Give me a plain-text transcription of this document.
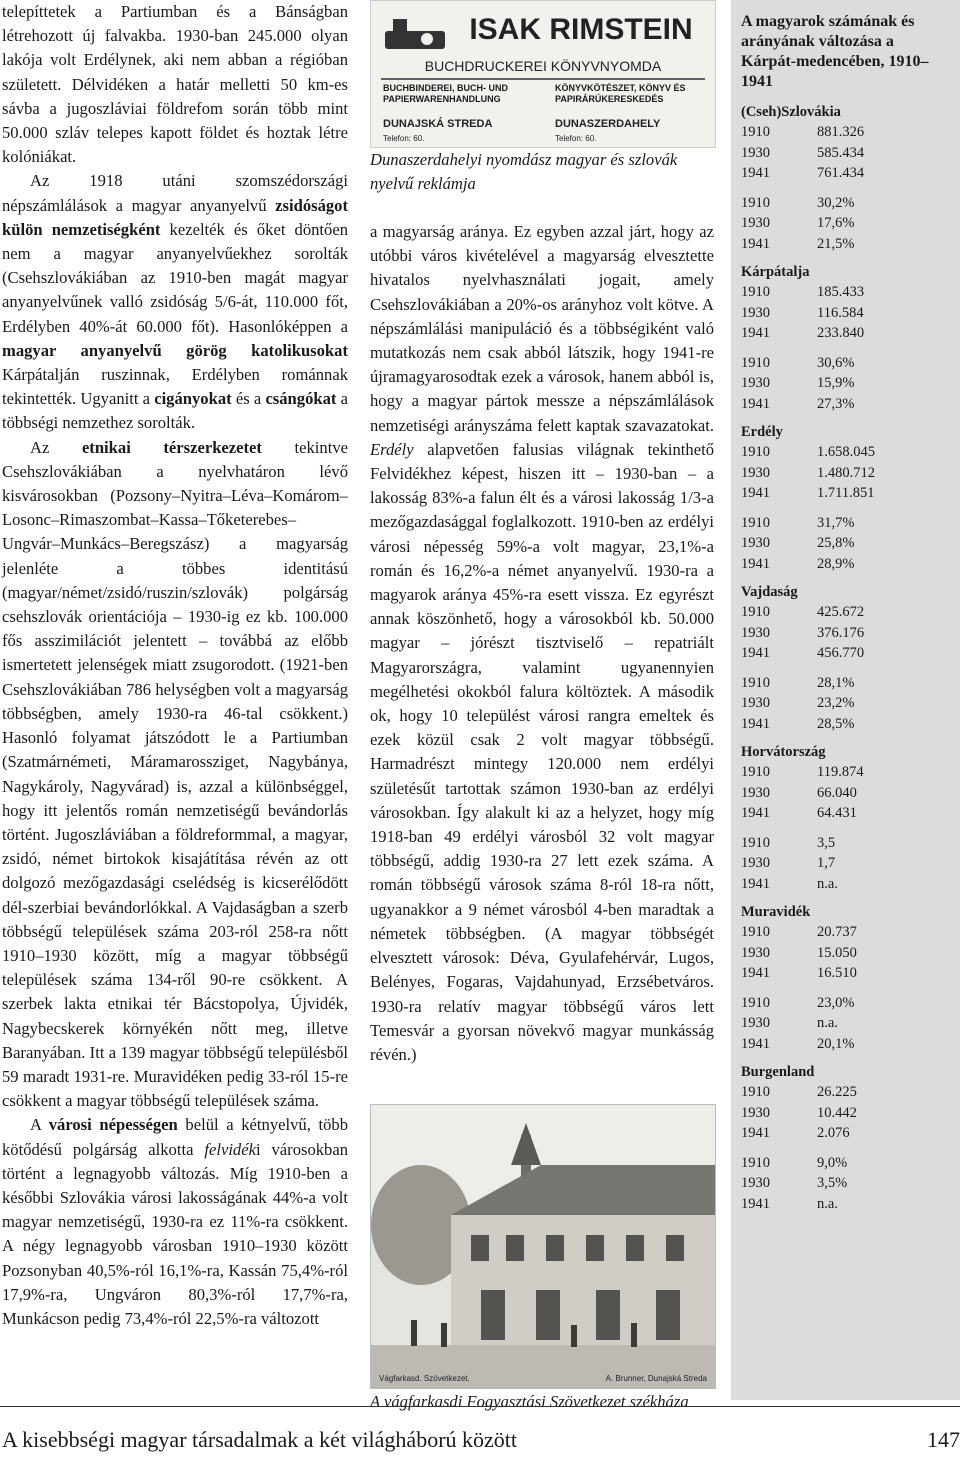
telepíttetek a Partiumban és a Bánságban létrehozott új falvakba. 1930-ban 245.000 olyan lakója volt Erdélynek, aki nem abban a régióban született. Délvidéken a határ melletti 50 km-es sávba a jugoszláviai földrefom során több mint 50.000 szláv telepes kapott földet és hoztak létre kolóniákat.

Az 1918 utáni szomszédországi népszámlálások a magyar anyanyelvű zsidóságot külön nemzetiségként kezelték és őket döntően nem a magyar anyanyelvűekhez sorolták (Csehszlovákiában az 1910-ben magát magyar anyanyelvűnek valló zsidóság 5/6-át, 110.000 főt, Erdélyben 40%-át 60.000 főt). Hasonlóképpen a magyar anyanyelvű görög katolikusokat Kárpátalján ruszinnak, Erdélyben románnak tekintették. Ugyanitt a cigányokat és a csángókat a többségi nemzethez sorolták.

Az etnikai térszerkezetet tekintve Csehszlovákiában a nyelvhatáron lévő kisvárosokban (Pozsony–Nyitra–Léva–Komárom–Losonc–Rimaszombat–Kassa–Tőketerebes–Ungvár–Munkács–Beregszász) a magyarság jelenléte a többes identitású (magyar/német/zsidó/ruszin/szlovák) polgárság csehszlovák orientációja – 1930-ig ez kb. 100.000 fős asszimilációt jelentett – továbbá az előbb ismertetett jelenségek miatt zsugorodott. (1921-ben Csehszlovákiában 786 helységben volt a magyarság többségben, amely 1930-ra 46-tal csökkent.) Hasonló folyamat játszódott le a Partiumban (Szatmárnémeti, Máramarossziget, Nagybánya, Nagykároly, Nagyvárad) is, azzal a különbséggel, hogy itt jelentős román nemzetiségű bevándorlás történt. Jugoszláviában a földreformmal, a magyar, zsidó, német birtokok kisajátítása révén az ott dolgozó mezőgazdasági cselédség is kicserélődött dél-szerbiai bevándorlókkal. A Vajdaságban a szerb többségű települések száma 203-ról 258-ra nőtt 1910–1930 között, míg a magyar többségű települések száma 134-ről 90-re csökkent. A szerbek lakta etnikai tér Bácstopolya, Újvidék, Nagybecskerek környékén nőtt meg, illetve Baranyában. Itt a 139 magyar többségű településből 59 maradt 1931-re. Muravidéken pedig 33-ról 15-re csökkent a magyar többségű települések száma.

A városi népességen belül a kétnyelvű, több kötődésű polgárság alkotta felvidéki városokban történt a legnagyobb változás. Míg 1910-ben a későbbi Szlovákia városi lakosságának 44%-a volt magyar nemzetiségű, 1930-ra ez 11%-ra csökkent. A négy legnagyobb városban 1910–1930 között Pozsonyban 40,5%-ról 16,1%-ra, Kassán 75,4%-ról 17,9%-ra, Ungváron 80,3%-ról 17,7%-ra, Munkácson pedig 73,4%-ról 22,5%-ra változott

ISAK RIMSTEIN
BUCHDRUCKEREI KÖNYVNYOMDA
BUCHBINDEREI, BUCH- UND PAPIERWARENHANDLUNG
KÖNYVKÖTÉSZET, KÖNYV ÉS PAPIRÁRÚKERESKEDÉS
DUNAJSKÁ STREDA	DUNASZERDAHELY
Telefon: 60.	Telefon: 60.

Dunaszerdahelyi nyomdász magyar és szlovák nyelvű reklámja

a magyarság aránya. Ez egyben azzal járt, hogy az utóbbi város kivételével a magyarság elvesztette hivatalos nyelvhasználati jogait, amely Csehszlovákiában a 20%-os arányhoz volt kötve. A népszámlálási manipuláció és a többségiként való mutatkozás nem csak abból látszik, hogy 1941-re újramagyarosodtak ezek a városok, hanem abból is, hogy a magyar pártok messze a népszámlálások nemzetiségi arányszáma felett kaptak szavazatokat. Erdély alapvetően falusias világnak tekinthető Felvidékhez képest, hiszen itt – 1930-ban – a lakosság 83%-a falun élt és a városi lakosság 1/3-a mezőgazdasággal foglalkozott. 1910-ben az erdélyi városi népesség 59%-a volt magyar, 23,1%-a román és 16,2%-a német anyanyelvű. 1930-ra a magyarok aránya 45%-ra esett vissza. Ez egyrészt annak köszönhető, hogy a városokból kb. 50.000 magyar – jórészt tisztviselő – repatriált Magyarországra, valamint ugyanennyien megélhetési okokból falura költöztek. A második ok, hogy 10 települést városi rangra emeltek és ezek közül csak 2 volt magyar többségű. Harmadrészt mintegy 120.000 nem erdélyi születésűt tartottak számon 1930-ban az erdélyi városokban. Így alakult ki az a helyzet, hogy míg 1918-ban 49 erdélyi városból 32 volt magyar többségű, addig 1930-ra 27 lett ezek száma. A román többségű városok száma 8-ról 18-ra nőtt, ugyanakkor a 9 német városból 4-ben maradtak a németek többségben. (A magyar többségét elvesztett városok: Déva, Gyulafehérvár, Lugos, Belényes, Fogaras, Vajdahunyad, Erzsébetváros. 1930-ra relatív magyar többségű város lett Temesvár a gyorsan növekvő magyar munkásság révén.)

Vágfarkasd. Szövetkezet.	A. Brunner, Dunajská Streda

A vágfarkasdi Fogyasztási Szövetkezet székháza

A magyarok számának és arányának változása a Kárpát-medencében, 1910–1941

(Cseh)Szlovákia
1910	881.326
1930	585.434
1941	761.434
1910	30,2%
1930	17,6%
1941	21,5%
Kárpátalja
1910	185.433
1930	116.584
1941	233.840
1910	30,6%
1930	15,9%
1941	27,3%
Erdély
1910	1.658.045
1930	1.480.712
1941	1.711.851
1910	31,7%
1930	25,8%
1941	28,9%
Vajdaság
1910	425.672
1930	376.176
1941	456.770
1910	28,1%
1930	23,2%
1941	28,5%
Horvátország
1910	119.874
1930	66.040
1941	64.431
1910	3,5
1930	1,7
1941	n.a.
Muravidék
1910	20.737
1930	15.050
1941	16.510
1910	23,0%
1930	n.a.
1941	20,1%
Burgenland
1910	26.225
1930	10.442
1941	2.076
1910	9,0%
1930	3,5%
1941	n.a.
A kisebbségi magyar társadalmak a két világháború között	147
